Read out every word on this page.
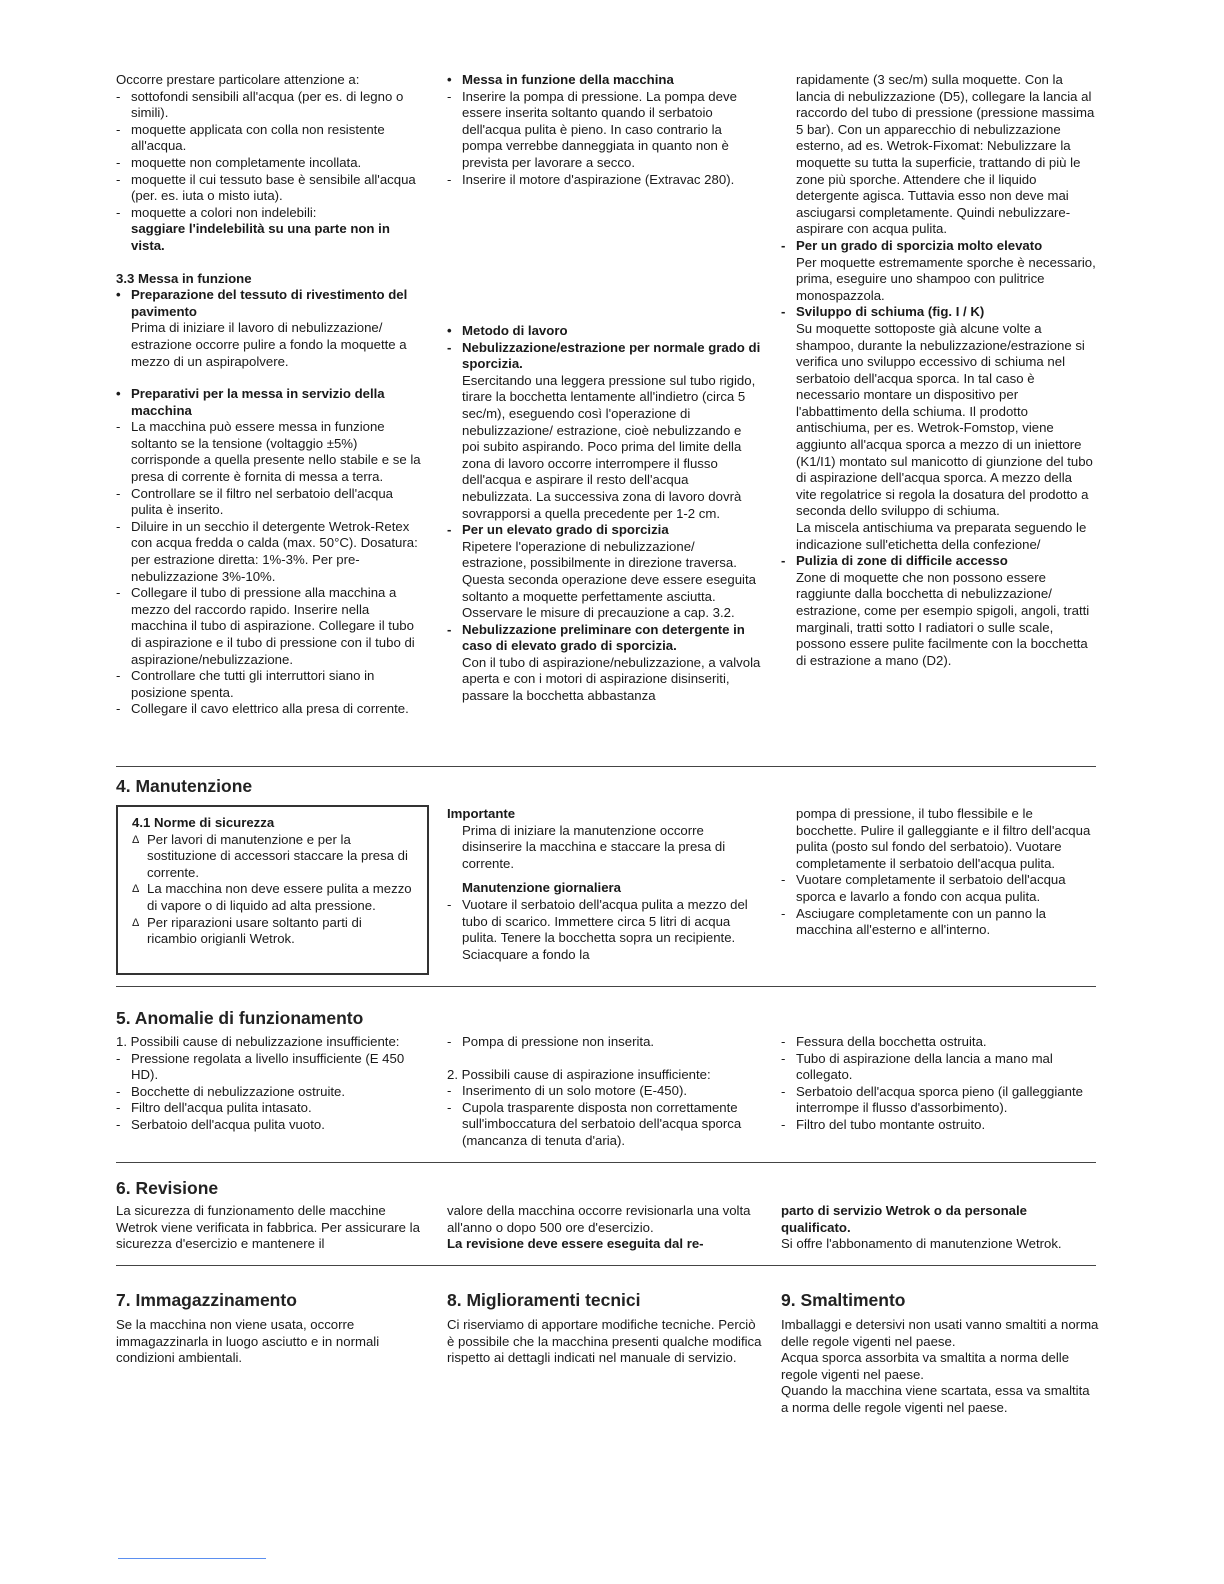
Occorre prestare particolare attenzione a:

- sottofondi sensibili all'acqua (per es. di legno o simili).

- moquette applicata con colla non resistente all'acqua.

- moquette non completamente incollata.

- moquette il cui tessuto base è sensibile all'acqua (per. es. iuta o misto iuta).

- moquette a colori non indelebili:

saggiare l'indelebilità su una parte non in vista.

3.3 Messa in funzione

• Preparazione del tessuto di rivestimento del pavimento

Prima di iniziare il lavoro di nebulizzazione/ estrazione occorre pulire a fondo la moquette a mezzo di un aspirapolvere.

• Preparativi per la messa in servizio della macchina

- La macchina può essere messa in funzione soltanto se la tensione (voltaggio ±5%) corrisponde a quella presente nello stabile e se la presa di corrente è fornita di messa a terra.

- Controllare se il filtro nel serbatoio dell'acqua pulita è inserito.

- Diluire in un secchio il detergente Wetrok-Retex con acqua fredda o calda (max. 50°C). Dosatura: per estrazione diretta: 1%-3%. Per pre-nebulizzazione 3%-10%.

- Collegare il tubo di pressione alla macchina a mezzo del raccordo rapido. Inserire nella macchina il tubo di aspirazione. Collegare il tubo di aspirazione e il tubo di pressione con il tubo di aspirazione/nebulizzazione.

- Controllare che tutti gli interruttori siano in posizione spenta.

- Collegare il cavo elettrico alla presa di corrente.

• Messa in funzione della macchina

- Inserire la pompa di pressione. La pompa deve essere inserita soltanto quando il serbatoio dell'acqua pulita è pieno. In caso contrario la pompa verrebbe danneggiata in quanto non è prevista per lavorare a secco.

- Inserire il motore d'aspirazione (Extravac 280).

• Metodo di lavoro

- Nebulizzazione/estrazione per normale grado di sporcizia.

Esercitando una leggera pressione sul tubo rigido, tirare la bocchetta lentamente all'indietro (circa 5 sec/m), eseguendo così l'operazione di nebulizzazione/ estrazione, cioè nebulizzando e poi subito aspirando. Poco prima del limite della zona di lavoro occorre interrompere il flusso dell'acqua e aspirare il resto dell'acqua nebulizzata. La successiva zona di lavoro dovrà sovrapporsi a quella precedente per 1-2 cm.

- Per un elevato grado di sporcizia

Ripetere l'operazione di nebulizzazione/ estrazione, possibilmente in direzione traversa. Questa seconda operazione deve essere eseguita soltanto a moquette perfettamente asciutta. Osservare le misure di precauzione a cap. 3.2.

- Nebulizzazione preliminare con detergente in caso di elevato grado di sporcizia.

Con il tubo di aspirazione/nebulizzazione, a valvola aperta e con i motori di aspirazione disinseriti, passare la bocchetta abbastanza

rapidamente (3 sec/m) sulla moquette. Con la lancia di nebulizzazione (D5), collegare la lancia al raccordo del tubo di pressione (pressione massima 5 bar). Con un apparecchio di nebulizzazione esterno, ad es. Wetrok-Fixomat: Nebulizzare la moquette su tutta la superficie, trattando di più le zone più sporche. Attendere che il liquido detergente agisca. Tuttavia esso non deve mai asciugarsi completamente. Quindi nebulizzare-aspirare con acqua pulita.

- Per un grado di sporcizia molto elevato

Per moquette estremamente sporche è necessario, prima, eseguire uno shampoo con pulitrice monospazzola.

- Sviluppo di schiuma (fig. I / K)

Su moquette sottoposte già alcune volte a shampoo, durante la nebulizzazione/estrazione si verifica uno sviluppo eccessivo di schiuma nel serbatoio dell'acqua sporca. In tal caso è necessario montare un dispositivo per l'abbattimento della schiuma. Il prodotto antischiuma, per es. Wetrok-Fomstop, viene aggiunto all'acqua sporca a mezzo di un iniettore (K1/I1) montato sul manicotto di giunzione del tubo di aspirazione dell'acqua sporca. A mezzo della vite regolatrice si regola la dosatura del prodotto a seconda dello sviluppo di schiuma.

La miscela antischiuma va preparata seguendo le indicazione sull'etichetta della confezione/

- Pulizia di zone di difficile accesso

Zone di moquette che non possono essere raggiunte dalla bocchetta di nebulizzazione/ estrazione, come per esempio spigoli, angoli, tratti marginali, tratti sotto I radiatori o sulle scale, possono essere pulite facilmente con la bocchetta di estrazione a mano (D2).

4. Manutenzione

4.1 Norme di sicurezza

Δ Per lavori di manutenzione e per la sostituzione di accessori staccare la presa di corrente.

Δ La macchina non deve essere pulita a mezzo di vapore o di liquido ad alta pressione.

Δ Per riparazioni usare soltanto parti di ricambio origianli Wetrok.

Importante

Prima di iniziare la manutenzione occorre disinserire la macchina e staccare la presa di corrente.

Manutenzione giornaliera

- Vuotare il serbatoio dell'acqua pulita a mezzo del tubo di scarico. Immettere circa 5 litri di acqua pulita. Tenere la bocchetta sopra un recipiente. Sciacquare a fondo la

pompa di pressione, il tubo flessibile e le bocchette. Pulire il galleggiante e il filtro dell'acqua pulita (posto sul fondo del serbatoio). Vuotare completamente il serbatoio dell'acqua pulita.

- Vuotare completamente il serbatoio dell'acqua sporca e lavarlo a fondo con acqua pulita.

- Asciugare completamente con un panno la macchina all'esterno e all'interno.

5. Anomalie di funzionamento

1. Possibili cause di nebulizzazione insufficiente:

- Pressione regolata a livello insufficiente (E 450 HD).

- Bocchette di nebulizzazione ostruite.

- Filtro dell'acqua pulita intasato.

- Serbatoio dell'acqua pulita vuoto.

- Pompa di pressione non inserita.

2. Possibili cause di aspirazione insufficiente:

- Inserimento di un solo motore (E-450).

- Cupola trasparente disposta non correttamente sull'imboccatura del serbatoio dell'acqua sporca (mancanza di tenuta d'aria).

- Fessura della bocchetta ostruita.

- Tubo di aspirazione della lancia a mano mal collegato.

- Serbatoio dell'acqua sporca pieno (il galleggiante interrompe il flusso d'assorbimento).

- Filtro del tubo montante ostruito.

6. Revisione

La sicurezza di funzionamento delle macchine Wetrok viene verificata in fabbrica. Per assicurare la sicurezza d'esercizio e mantenere il

valore della macchina occorre revisionarla una volta all'anno o dopo 500 ore d'esercizio.

La revisione deve essere eseguita dal re-

parto di servizio Wetrok o da personale qualificato.

Si offre l'abbonamento di manutenzione Wetrok.

7. Immagazzinamento

Se la macchina non viene usata, occorre immagazzinarla in luogo asciutto e in normali condizioni ambientali.

8. Miglioramenti tecnici

Ci riserviamo di apportare modifiche tecniche. Perciò è possibile che la macchina presenti qualche modifica rispetto ai dettagli indicati nel manuale di servizio.

9. Smaltimento

Imballaggi e detersivi non usati vanno smaltiti a norma delle regole vigenti nel paese.

Acqua sporca assorbita va smaltita a norma delle regole vigenti nel paese.

Quando la macchina viene scartata, essa va smaltita a norma delle regole vigenti nel paese.
